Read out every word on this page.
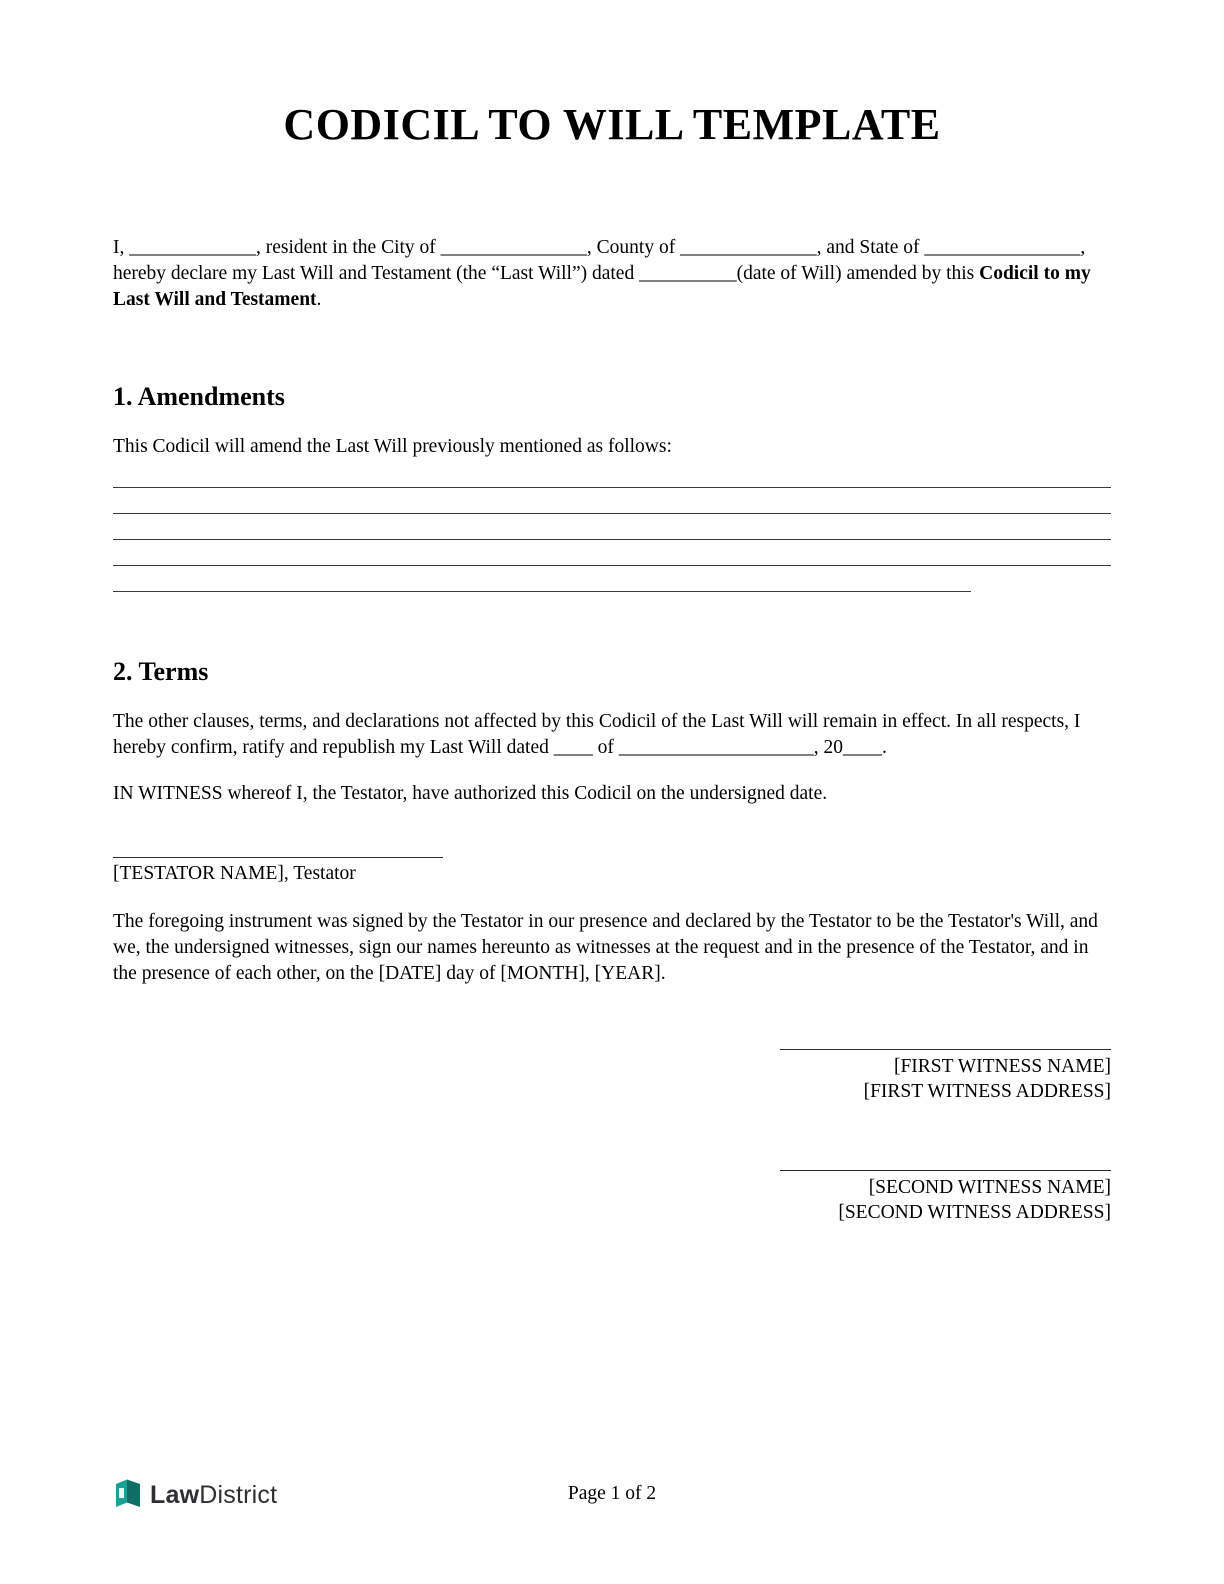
CODICIL TO WILL TEMPLATE

I, _____________, resident in the City of _______________, County of ______________, and State of ________________, hereby declare my Last Will and Testament (the “Last Will”) dated __________(date of Will) amended by this Codicil to my Last Will and Testament.

1. Amendments

This Codicil will amend the Last Will previously mentioned as follows:

2. Terms

The other clauses, terms, and declarations not affected by this Codicil of the Last Will will remain in effect. In all respects, I hereby confirm, ratify and republish my Last Will dated ____ of ____________________, 20____.

IN WITNESS whereof I, the Testator, have authorized this Codicil on the undersigned date.

[TESTATOR NAME], Testator

The foregoing instrument was signed by the Testator in our presence and declared by the Testator to be the Testator's Will, and we, the undersigned witnesses, sign our names hereunto as witnesses at the request and in the presence of the Testator, and in the presence of each other, on the [DATE] day of [MONTH], [YEAR].

[FIRST WITNESS NAME]

[FIRST WITNESS ADDRESS]

[SECOND WITNESS NAME]

[SECOND WITNESS ADDRESS]

LawDistrict	Page 1 of 2
